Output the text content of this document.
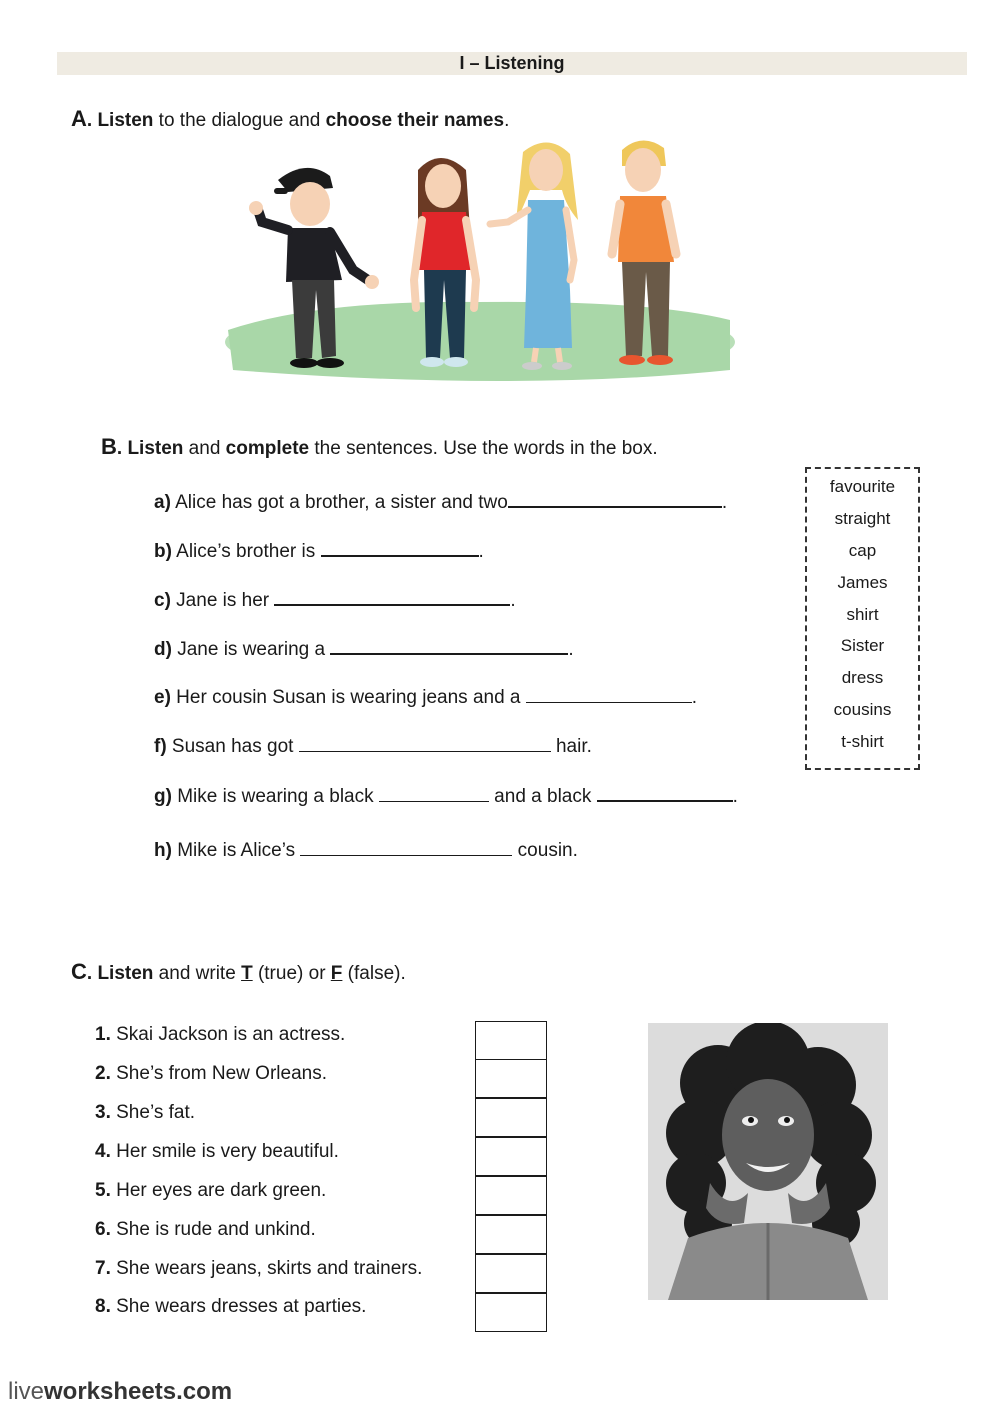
I – Listening
A. Listen to the dialogue and choose their names.
B. Listen and complete the sentences. Use the words in the box.
a) Alice has got a brother, a sister and two	.
b) Alice’s brother is	.
c) Jane is her	.
d) Jane is wearing a	.
e) Her cousin Susan is wearing jeans and a	.
f) Susan has got	hair.
g) Mike is wearing a black	and a black	.
h) Mike is Alice’s	cousin.
favourite
straight
cap
James
shirt
Sister
dress
cousins
t-shirt
C. Listen and write T (true) or F (false).
1. Skai Jackson is an actress.
2. She’s from New Orleans.
3. She’s fat.
4. Her smile is very beautiful.
5. Her eyes are dark green.
6. She is rude and unkind.
7. She wears jeans, skirts and trainers.
8. She wears dresses at parties.
liveworksheets.com
